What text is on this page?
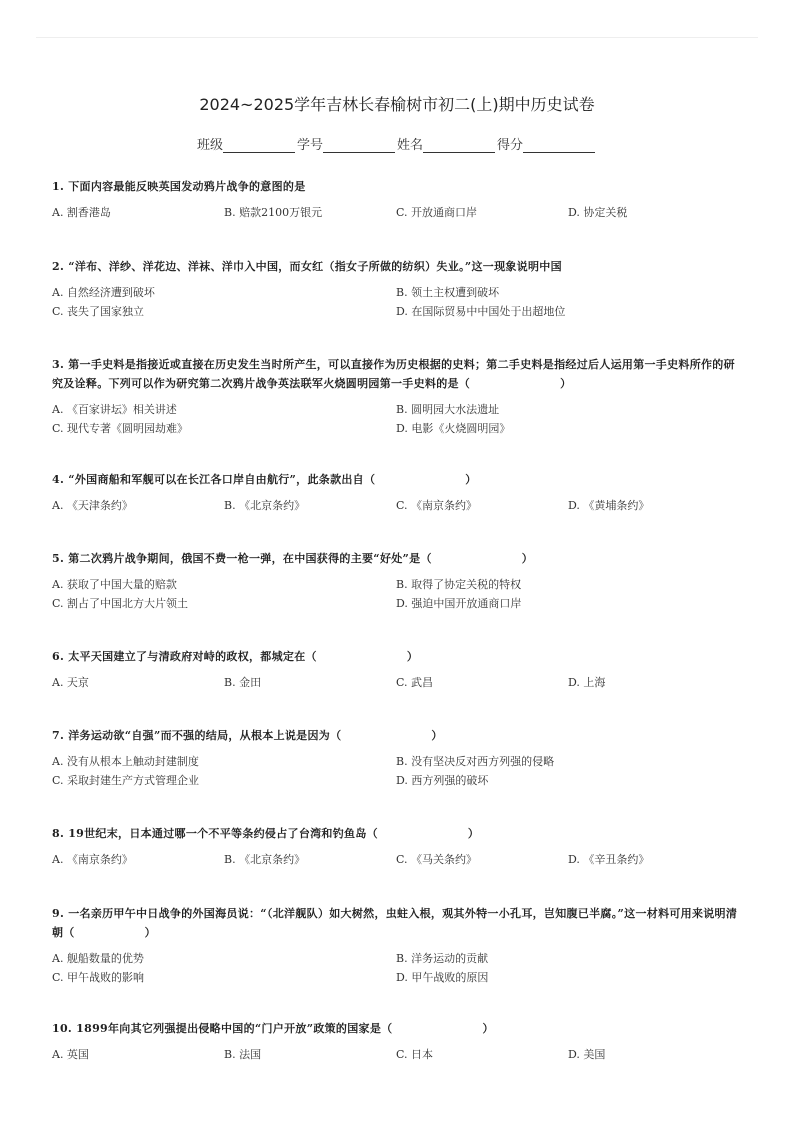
2024~2025学年吉林长春榆树市初二(上)期中历史试卷
班级	学号	姓名	得分
1. 下面内容最能反映英国发动鸦片战争的意图的是
A. 割香港岛	B. 赔款2100万银元	C. 开放通商口岸	D. 协定关税
2. “洋布、洋纱、洋花边、洋袜、洋巾入中国，而女红（指女子所做的纺织）失业。”这一现象说明中国
A. 自然经济遭到破坏	B. 领土主权遭到破坏
C. 丧失了国家独立	D. 在国际贸易中中国处于出超地位
3. 第一手史料是指接近或直接在历史发生当时所产生，可以直接作为历史根据的史料；第二手史料是指经过后人运用第一手史料所作的研究及诠释。下列可以作为研究第二次鸦片战争英法联军火烧圆明园第一手史料的是（	）
A. 《百家讲坛》相关讲述	B. 圆明园大水法遗址
C. 现代专著《圆明园劫难》	D. 电影《火烧圆明园》
4. “外国商船和军舰可以在长江各口岸自由航行”，此条款出自（	）
A. 《天津条约》	B. 《北京条约》	C. 《南京条约》	D. 《黄埔条约》
5. 第二次鸦片战争期间，俄国不费一枪一弹，在中国获得的主要“好处”是（	）
A. 获取了中国大量的赔款	B. 取得了协定关税的特权
C. 割占了中国北方大片领土	D. 强迫中国开放通商口岸
6. 太平天国建立了与清政府对峙的政权，都城定在（	）
A. 天京	B. 金田	C. 武昌	D. 上海
7. 洋务运动欲“自强”而不强的结局，从根本上说是因为（	）
A. 没有从根本上触动封建制度	B. 没有坚决反对西方列强的侵略
C. 采取封建生产方式管理企业	D. 西方列强的破坏
8. 19世纪末，日本通过哪一个不平等条约侵占了台湾和钓鱼岛（	）
A. 《南京条约》	B. 《北京条约》	C. 《马关条约》	D. 《辛丑条约》
9. 一名亲历甲午中日战争的外国海员说：“（北洋舰队）如大树然，虫蛀入根，观其外特一小孔耳，岂知腹已半腐。”这一材料可用来说明清朝（	）
A. 舰船数量的优势	B. 洋务运动的贡献
C. 甲午战败的影响	D. 甲午战败的原因
10. 1899年向其它列强提出侵略中国的“门户开放”政策的国家是（	）
A. 英国	B. 法国	C. 日本	D. 美国
